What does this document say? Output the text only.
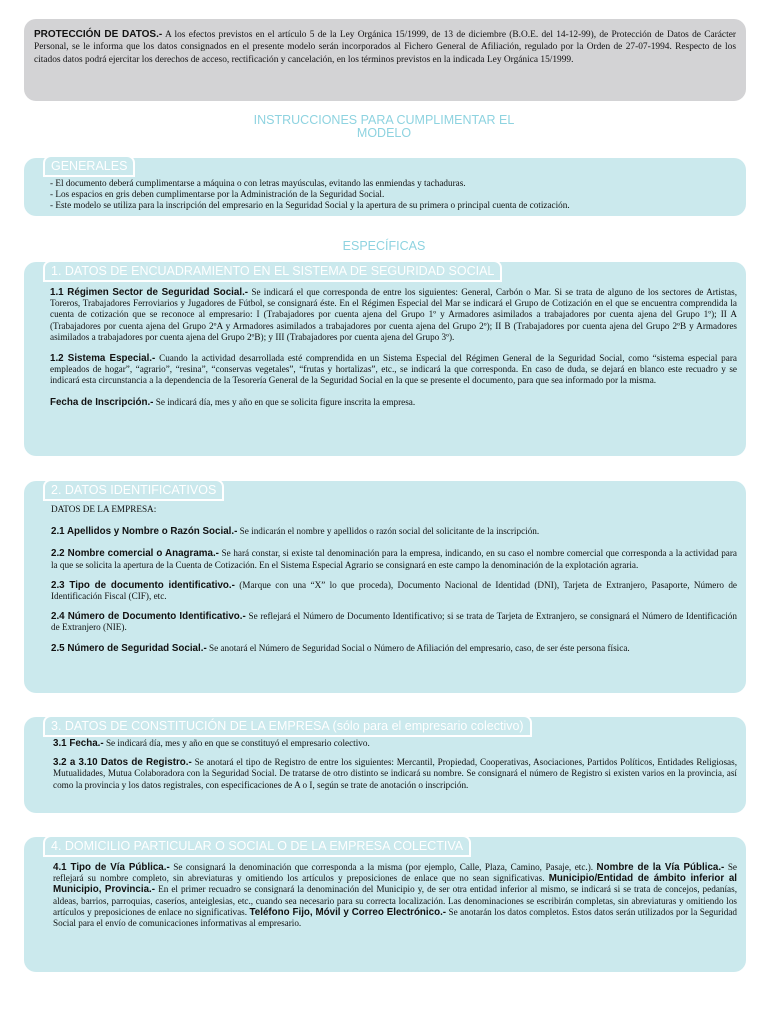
PROTECCIÓN DE DATOS.- A los efectos previstos en el artículo 5 de la Ley Orgánica 15/1999, de 13 de diciembre (B.O.E. del 14-12-99), de Protección de Datos de Carácter Personal, se le informa que los datos consignados en el presente modelo serán incorporados al Fichero General de Afiliación, regulado por la Orden de 27-07-1994. Respecto de los citados datos podrá ejercitar los derechos de acceso, rectificación y cancelación, en los términos previstos en la indicada Ley Orgánica 15/1999.
INSTRUCCIONES PARA CUMPLIMENTAR EL
MODELO
GENERALES
- El documento deberá cumplimentarse a máquina o con letras mayúsculas, evitando las enmiendas y tachaduras.
- Los espacios en gris deben cumplimentarse por la Administración de la Seguridad Social.
- Este modelo se utiliza para la inscripción del empresario en la Seguridad Social y la apertura de su primera o principal cuenta de cotización.
ESPECÍFICAS
1. DATOS DE ENCUADRAMIENTO EN EL SISTEMA DE SEGURIDAD SOCIAL

1.1 Régimen Sector de Seguridad Social.- Se indicará el que corresponda de entre los siguientes: General, Carbón o Mar. Si se trata de alguno de los sectores de Artistas, Toreros, Trabajadores Ferroviarios y Jugadores de Fútbol, se consignará éste. En el Régimen Especial del Mar se indicará el Grupo de Cotización en el que se encuentra comprendida la cuenta de cotización que se reconoce al empresario: I (Trabajadores por cuenta ajena del Grupo 1º y Armadores asimilados a trabajadores por cuenta ajena del Grupo 1º); II A (Trabajadores por cuenta ajena del Grupo 2ºA y Armadores asimilados a trabajadores por cuenta ajena del Grupo 2º); II B (Trabajadores por cuenta ajena del Grupo 2ºB y Armadores asimilados a trabajadores por cuenta ajena del Grupo 2ºB); y III (Trabajadores por cuenta ajena del Grupo 3º).

1.2 Sistema Especial.- Cuando la actividad desarrollada esté comprendida en un Sistema Especial del Régimen General de la Seguridad Social, como “sistema especial para empleados de hogar”, “agrario”, “resina”, “conservas vegetales”, “frutas y hortalizas”, etc., se indicará la que corresponda. En caso de duda, se dejará en blanco este recuadro y se indicará esta circunstancia a la dependencia de la Tesorería General de la Seguridad Social en la que se presente el documento, para que sea informado por la misma.

Fecha de Inscripción.- Se indicará día, mes y año en que se solicita figure inscrita la empresa.

2. DATOS IDENTIFICATIVOS

DATOS DE LA EMPRESA:

2.1 Apellidos y Nombre o Razón Social.- Se indicarán el nombre y apellidos o razón social del solicitante de la inscripción.

2.2 Nombre comercial o Anagrama.- Se hará constar, si existe tal denominación para la empresa, indicando, en su caso el nombre comercial que corresponda a la actividad para la que se solicita la apertura de la Cuenta de Cotización. En el Sistema Especial Agrario se consignará en este campo la denominación de la explotación agraria.

2.3 Tipo de documento identificativo.- (Marque con una “X” lo que proceda), Documento Nacional de Identidad (DNI), Tarjeta de Extranjero, Pasaporte, Número de Identificación Fiscal (CIF), etc.

2.4 Número de Documento Identificativo.- Se reflejará el Número de Documento Identificativo; si se trata de Tarjeta de Extranjero, se consignará el Número de Identificación de Extranjero (NIE).

2.5 Número de Seguridad Social.- Se anotará el Número de Seguridad Social o Número de Afiliación del empresario, caso, de ser éste persona física.

3. DATOS DE CONSTITUCIÓN DE LA EMPRESA (sólo para el empresario colectivo)

3.1 Fecha.- Se indicará día, mes y año en que se constituyó el empresario colectivo.

3.2 a 3.10 Datos de Registro.- Se anotará el tipo de Registro de entre los siguientes: Mercantil, Propiedad, Cooperativas, Asociaciones, Partidos Políticos, Entidades Religiosas, Mutualidades, Mutua Colaboradora con la Seguridad Social. De tratarse de otro distinto se indicará su nombre. Se consignará el número de Registro si existen varios en la provincia, así como la provincia y los datos registrales, con especificaciones de A o I, según se trate de anotación o inscripción.

4. DOMICILIO PARTICULAR O SOCIAL O DE LA EMPRESA COLECTIVA

4.1 Tipo de Vía Pública.- Se consignará la denominación que corresponda a la misma (por ejemplo, Calle, Plaza, Camino, Pasaje, etc.). Nombre de la Vía Pública.- Se reflejará su nombre completo, sin abreviaturas y omitiendo los artículos y preposiciones de enlace que no sean significativas. Municipio/Entidad de ámbito inferior al Municipio, Provincia.- En el primer recuadro se consignará la denominación del Municipio y, de ser otra entidad inferior al mismo, se indicará si se trata de concejos, pedanías, aldeas, barrios, parroquias, caseríos, anteiglesias, etc., cuando sea necesario para su correcta localización. Las denominaciones se escribirán completas, sin abreviaturas y omitiendo los artículos y preposiciones de enlace no significativas. Teléfono Fijo, Móvil y Correo Electrónico.- Se anotarán los datos completos. Estos datos serán utilizados por la Seguridad Social para el envío de comunicaciones informativas al empresario.
